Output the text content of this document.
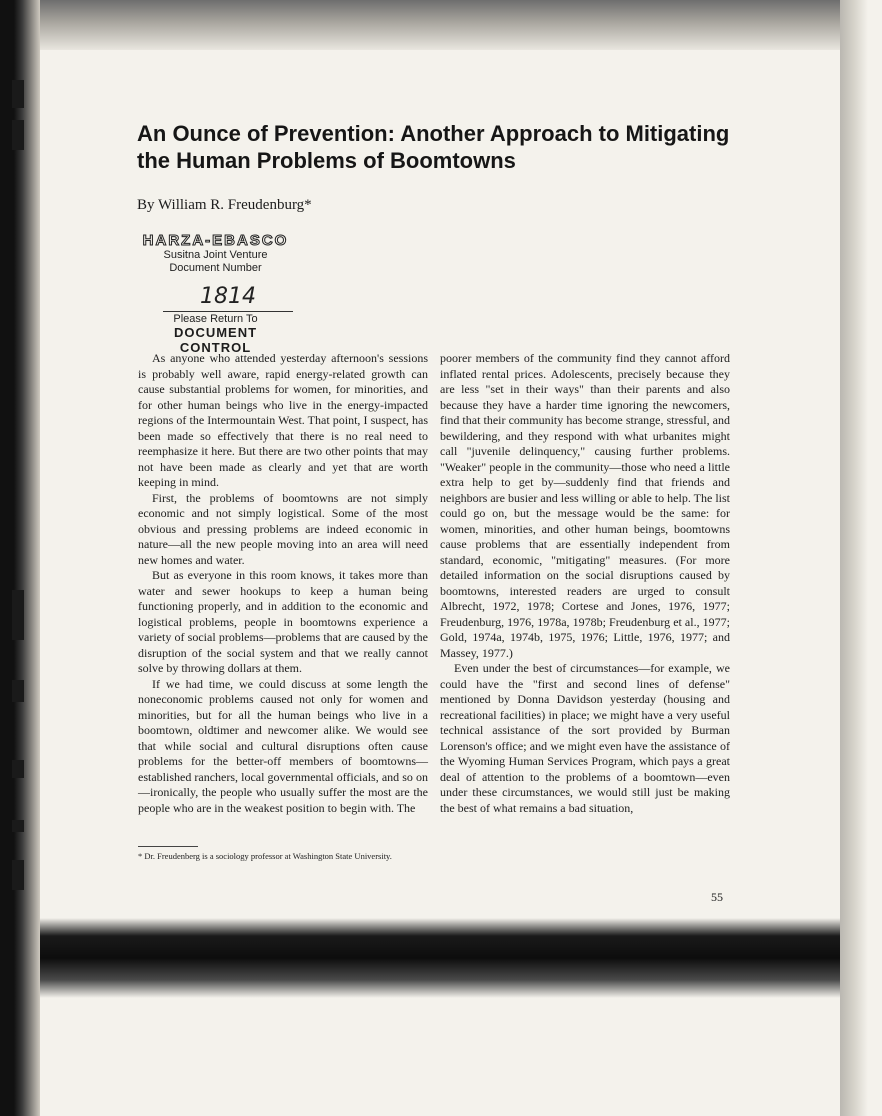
An Ounce of Prevention: Another Approach to Mitigating the Human Problems of Boomtowns

By William R. Freudenburg*

HARZA-EBASCO
Susitna Joint Venture
Document Number
1814
Please Return To
DOCUMENT CONTROL

As anyone who attended yesterday afternoon's sessions is probably well aware, rapid energy-related growth can cause substantial problems for women, for minorities, and for other human beings who live in the energy-impacted regions of the Intermountain West. That point, I suspect, has been made so effectively that there is no real need to reemphasize it here. But there are two other points that may not have been made as clearly and yet that are worth keeping in mind.

First, the problems of boomtowns are not simply economic and not simply logistical. Some of the most obvious and pressing problems are indeed economic in nature—all the new people moving into an area will need new homes and water.

But as everyone in this room knows, it takes more than water and sewer hookups to keep a human being functioning properly, and in addition to the economic and logistical problems, people in boomtowns experience a variety of social problems—problems that are caused by the disruption of the social system and that we really cannot solve by throwing dollars at them.

If we had time, we could discuss at some length the noneconomic problems caused not only for women and minorities, but for all the human beings who live in a boomtown, oldtimer and newcomer alike. We would see that while social and cultural disruptions often cause problems for the better-off members of boomtowns—established ranchers, local governmental officials, and so on—ironically, the people who usually suffer the most are the people who are in the weakest position to begin with. The

poorer members of the community find they cannot afford inflated rental prices. Adolescents, precisely because they are less "set in their ways" than their parents and also because they have a harder time ignoring the newcomers, find that their community has become strange, stressful, and bewildering, and they respond with what urbanites might call "juvenile delinquency," causing further problems. "Weaker" people in the community—those who need a little extra help to get by—suddenly find that friends and neighbors are busier and less willing or able to help. The list could go on, but the message would be the same: for women, minorities, and other human beings, boomtowns cause problems that are essentially independent from standard, economic, "mitigating" measures. (For more detailed information on the social disruptions caused by boomtowns, interested readers are urged to consult Albrecht, 1972, 1978; Cortese and Jones, 1976, 1977; Freudenburg, 1976, 1978a, 1978b; Freudenburg et al., 1977; Gold, 1974a, 1974b, 1975, 1976; Little, 1976, 1977; and Massey, 1977.)

Even under the best of circumstances—for example, we could have the "first and second lines of defense" mentioned by Donna Davidson yesterday (housing and recreational facilities) in place; we might have a very useful technical assistance of the sort provided by Burman Lorenson's office; and we might even have the assistance of the Wyoming Human Services Program, which pays a great deal of attention to the problems of a boomtown—even under these circumstances, we would still just be making the best of what remains a bad situation,

* Dr. Freudenberg is a sociology professor at Washington State University.

55
